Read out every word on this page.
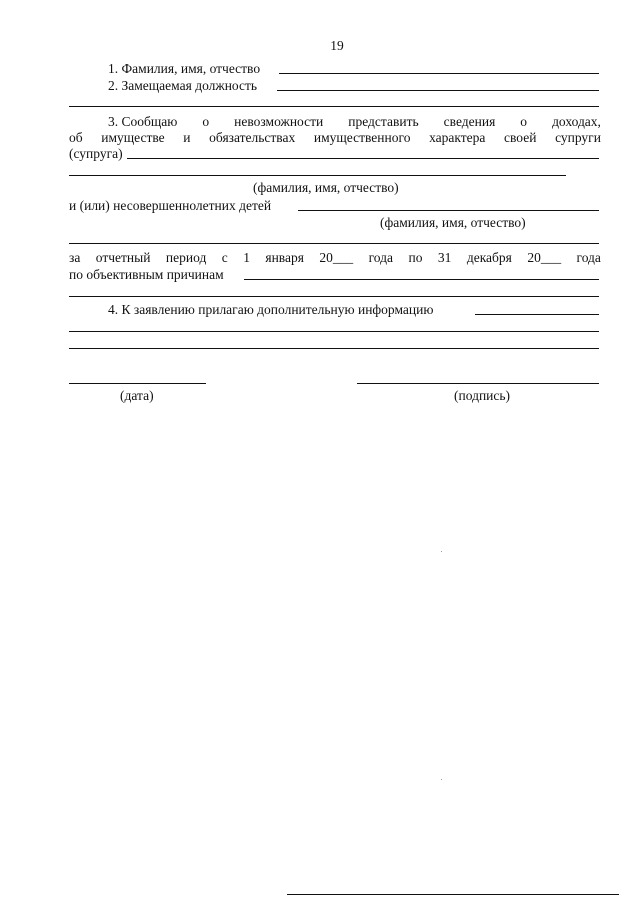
19
1. Фамилия, имя, отчество
2. Замещаемая должность
3. Сообщаю о невозможности представить сведения о доходах,
об имуществе и обязательствах имущественного характера своей супруги
(супруга)
(фамилия, имя, отчество)
и (или) несовершеннолетних детей
(фамилия, имя, отчество)
за отчетный период с 1 января 20___ года по 31 декабря 20___ года
по объективным причинам
4. К заявлению прилагаю дополнительную информацию
(дата)	(подпись)
